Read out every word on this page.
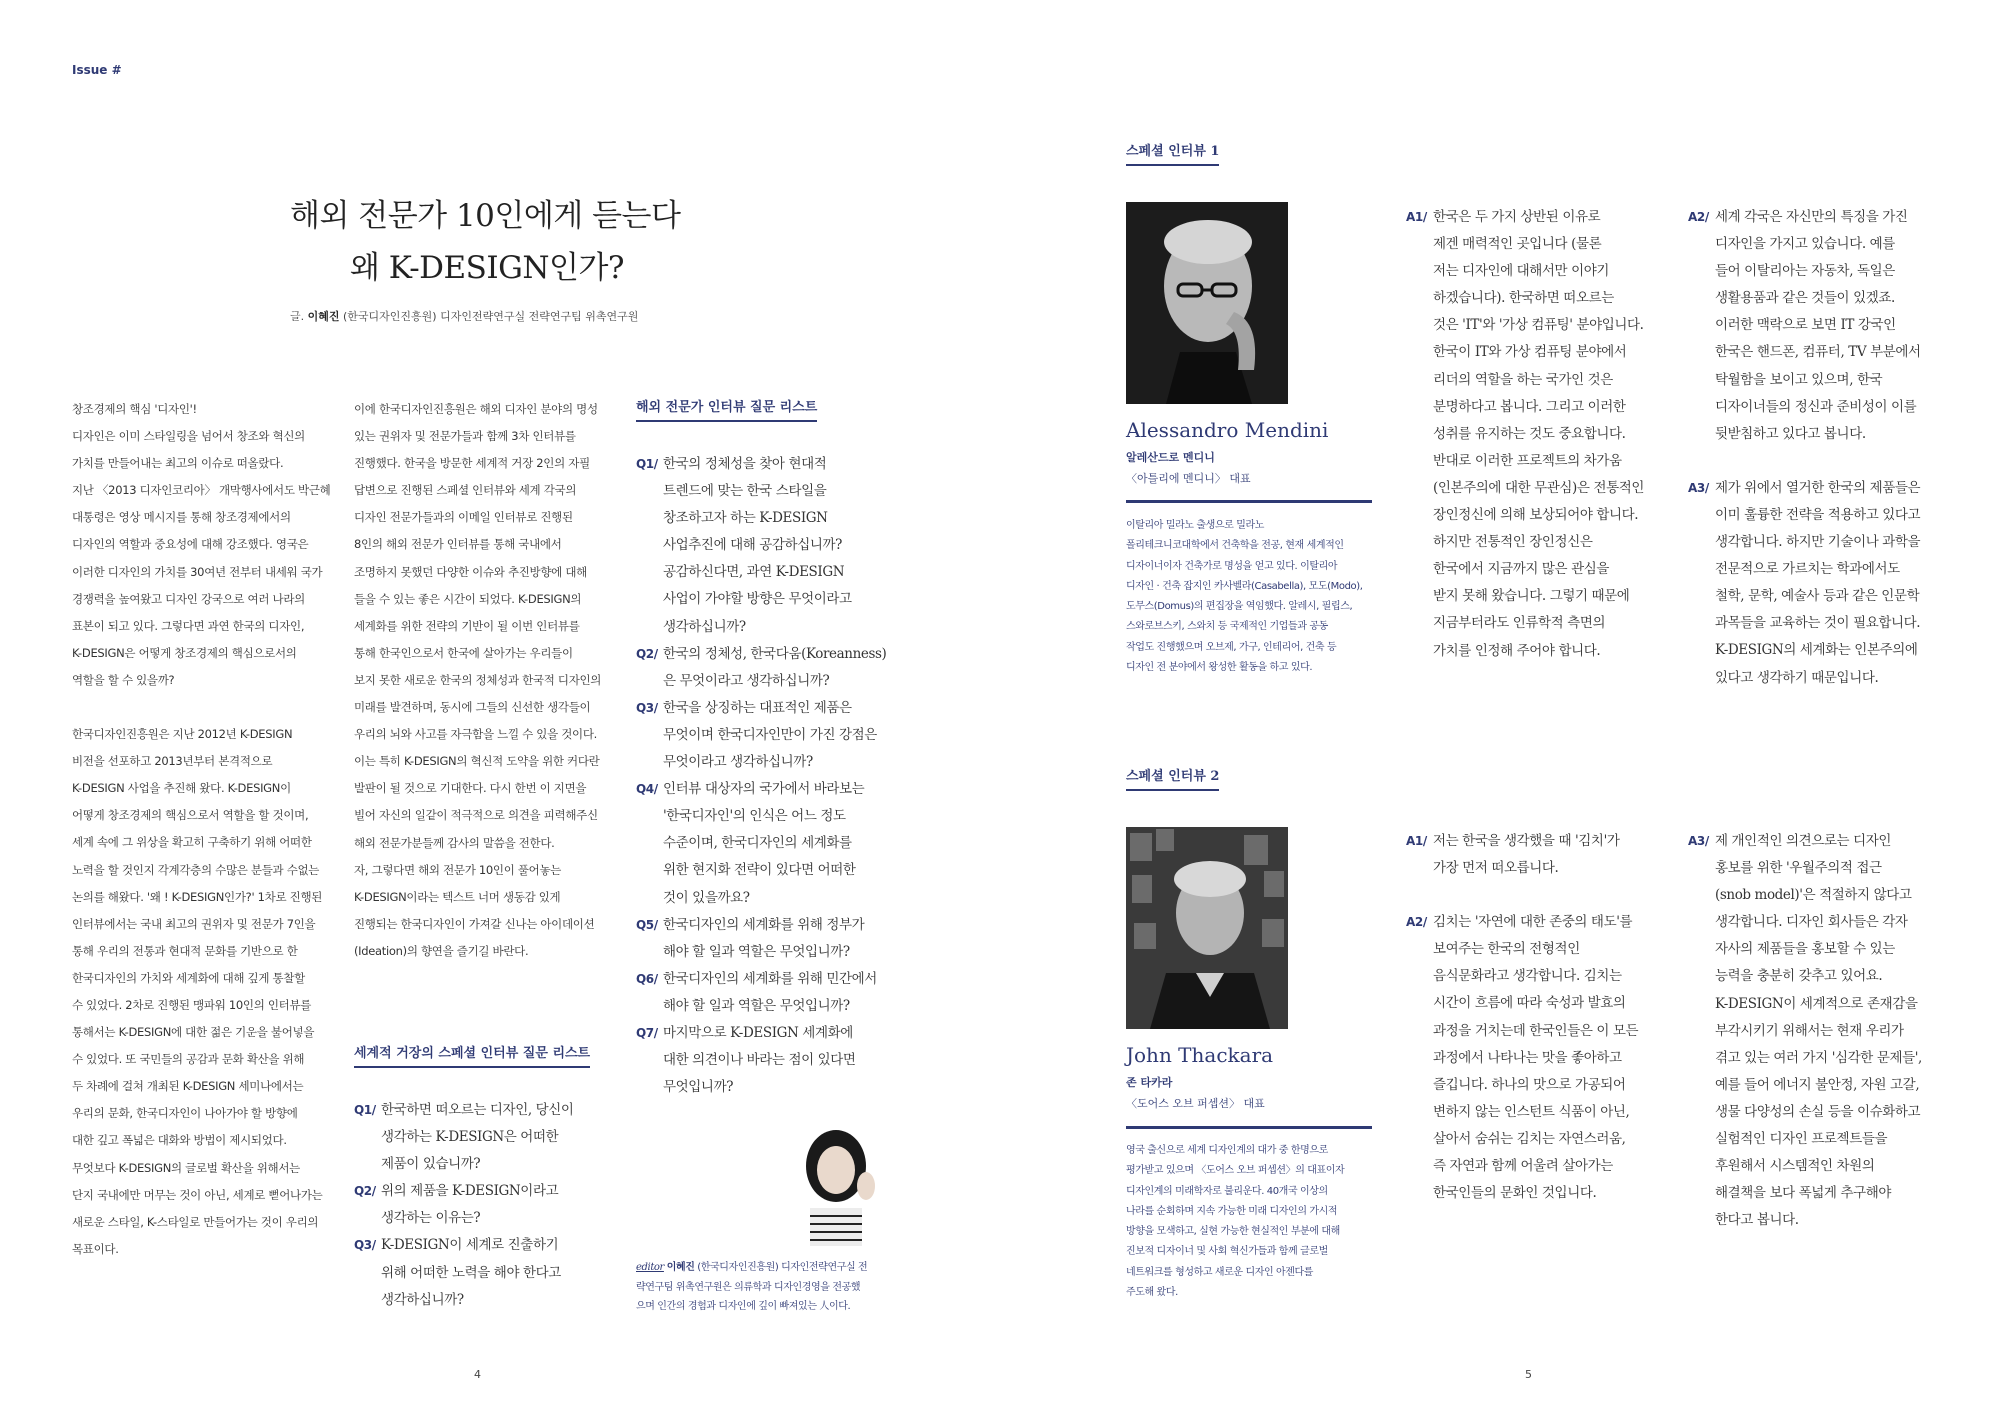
Issue #
해외 전문가 10인에게 듣는다
왜 K-DESIGN인가?
글. 이혜진 (한국디자인진흥원) 디자인전략연구실 전략연구팀 위촉연구원
창조경제의 핵심 '디자인'!
디자인은 이미 스타일링을 넘어서 창조와 혁신의
가치를 만들어내는 최고의 이슈로 떠올랐다.
지난 〈2013 디자인코리아〉 개막행사에서도 박근혜
대통령은 영상 메시지를 통해 창조경제에서의
디자인의 역할과 중요성에 대해 강조했다. 영국은
이러한 디자인의 가치를 30여년 전부터 내세워 국가
경쟁력을 높여왔고 디자인 강국으로 여러 나라의
표본이 되고 있다. 그렇다면 과연 한국의 디자인,
K-DESIGN은 어떻게 창조경제의 핵심으로서의
역할을 할 수 있을까?
한국디자인진흥원은 지난 2012년 K-DESIGN
비전을 선포하고 2013년부터 본격적으로
K-DESIGN 사업을 추진해 왔다. K-DESIGN이
어떻게 창조경제의 핵심으로서 역할을 할 것이며,
세계 속에 그 위상을 확고히 구축하기 위해 어떠한
노력을 할 것인지 각계각층의 수많은 분들과 수없는
논의를 해왔다. '왜 ! K-DESIGN인가?' 1차로 진행된
인터뷰에서는 국내 최고의 권위자 및 전문가 7인을
통해 우리의 전통과 현대적 문화를 기반으로 한
한국디자인의 가치와 세계화에 대해 깊게 통찰할
수 있었다. 2차로 진행된 맹파워 10인의 인터뷰를
통해서는 K-DESIGN에 대한 젊은 기운을 불어넣을
수 있었다. 또 국민들의 공감과 문화 확산을 위해
두 차례에 걸쳐 개최된 K-DESIGN 세미나에서는
우리의 문화, 한국디자인이 나아가야 할 방향에
대한 깊고 폭넓은 대화와 방법이 제시되었다.
무엇보다 K-DESIGN의 글로벌 확산을 위해서는
단지 국내에만 머무는 것이 아닌, 세계로 뻗어나가는
새로운 스타일, K-스타일로 만들어가는 것이 우리의
목표이다.
이에 한국디자인진흥원은 해외 디자인 분야의 명성
있는 권위자 및 전문가들과 함께 3차 인터뷰를
진행했다. 한국을 방문한 세계적 거장 2인의 자필
답변으로 진행된 스페셜 인터뷰와 세계 각국의
디자인 전문가들과의 이메일 인터뷰로 진행된
8인의 해외 전문가 인터뷰를 통해 국내에서
조명하지 못했던 다양한 이슈와 추진방향에 대해
들을 수 있는 좋은 시간이 되었다. K-DESIGN의
세계화를 위한 전략의 기반이 될 이번 인터뷰를
통해 한국인으로서 한국에 살아가는 우리들이
보지 못한 새로운 한국의 정체성과 한국적 디자인의
미래를 발견하며, 동시에 그들의 신선한 생각들이
우리의 뇌와 사고를 자극함을 느낄 수 있을 것이다.
이는 특히 K-DESIGN의 혁신적 도약을 위한 커다란
발판이 될 것으로 기대한다. 다시 한번 이 지면을
빌어 자신의 일같이 적극적으로 의견을 피력해주신
해외 전문가분들께 감사의 말씀을 전한다.
자, 그렇다면 해외 전문가 10인이 풀어놓는
K-DESIGN이라는 텍스트 너머 생동감 있게
진행되는 한국디자인이 가져갈 신나는 아이데이션
(Ideation)의 향연을 즐기길 바란다.
세계적 거장의 스페셜 인터뷰 질문 리스트
Q1/ 한국하면 떠오르는 디자인, 당신이
생각하는 K-DESIGN은 어떠한
제품이 있습니까?
Q2/ 위의 제품을 K-DESIGN이라고
생각하는 이유는?
Q3/ K-DESIGN이 세계로 진출하기
위해 어떠한 노력을 해야 한다고
생각하십니까?
해외 전문가 인터뷰 질문 리스트
Q1/ 한국의 정체성을 찾아 현대적
트렌드에 맞는 한국 스타일을
창조하고자 하는 K-DESIGN
사업추진에 대해 공감하십니까?
공감하신다면, 과연 K-DESIGN
사업이 가야할 방향은 무엇이라고
생각하십니까?
Q2/ 한국의 정체성, 한국다움(Koreanness)
은 무엇이라고 생각하십니까?
Q3/ 한국을 상징하는 대표적인 제품은
무엇이며 한국디자인만이 가진 강점은
무엇이라고 생각하십니까?
Q4/ 인터뷰 대상자의 국가에서 바라보는
'한국디자인'의 인식은 어느 정도
수준이며, 한국디자인의 세계화를
위한 현지화 전략이 있다면 어떠한
것이 있을까요?
Q5/ 한국디자인의 세계화를 위해 정부가
해야 할 일과 역할은 무엇입니까?
Q6/ 한국디자인의 세계화를 위해 민간에서
해야 할 일과 역할은 무엇입니까?
Q7/ 마지막으로 K-DESIGN 세계화에
대한 의견이나 바라는 점이 있다면
무엇입니까?
editor 이혜진 (한국디자인진흥원) 디자인전략연구실 전
략연구팀 위촉연구원은 의류학과 디자인경영을 전공했
으며 인간의 경험과 디자인에 깊이 빠져있는 人이다.
4
스페셜 인터뷰 1
Alessandro Mendini
알레산드로 멘디니
〈아틀리에 멘디니〉 대표
이탈리아 밀라노 출생으로 밀라노
폴리테크니코대학에서 건축학을 전공, 현재 세계적인
디자이너이자 건축가로 명성을 얻고 있다. 이탈리아
디자인 · 건축 잡지인 카사벨라(Casabella), 모도(Modo),
도무스(Domus)의 편집장을 역임했다. 알레시, 필립스,
스와로브스키, 스와치 등 국제적인 기업들과 공동
작업도 진행했으며 오브제, 가구, 인테리어, 건축 등
디자인 전 분야에서 왕성한 활동을 하고 있다.
A1/ 한국은 두 가지 상반된 이유로
제겐 매력적인 곳입니다 (물론
저는 디자인에 대해서만 이야기
하겠습니다). 한국하면 떠오르는
것은 'IT'와 '가상 컴퓨팅' 분야입니다.
한국이 IT와 가상 컴퓨팅 분야에서
리더의 역할을 하는 국가인 것은
분명하다고 봅니다. 그리고 이러한
성취를 유지하는 것도 중요합니다.
반대로 이러한 프로젝트의 차가움
(인본주의에 대한 무관심)은 전통적인
장인정신에 의해 보상되어야 합니다.
하지만 전통적인 장인정신은
한국에서 지금까지 많은 관심을
받지 못해 왔습니다. 그렇기 때문에
지금부터라도 인류학적 측면의
가치를 인정해 주어야 합니다.
A2/ 세계 각국은 자신만의 특징을 가진
디자인을 가지고 있습니다. 예를
들어 이탈리아는 자동차, 독일은
생활용품과 같은 것들이 있겠죠.
이러한 맥락으로 보면 IT 강국인
한국은 핸드폰, 컴퓨터, TV 부분에서
탁월함을 보이고 있으며, 한국
디자이너들의 정신과 준비성이 이를
뒷받침하고 있다고 봅니다.
A3/ 제가 위에서 열거한 한국의 제품들은
이미 훌륭한 전략을 적용하고 있다고
생각합니다. 하지만 기술이나 과학을
전문적으로 가르치는 학과에서도
철학, 문학, 예술사 등과 같은 인문학
과목들을 교육하는 것이 필요합니다.
K-DESIGN의 세계화는 인본주의에
있다고 생각하기 때문입니다.
스페셜 인터뷰 2
John Thackara
존 타카라
〈도어스 오브 퍼셉션〉 대표
영국 출신으로 세계 디자인계의 대가 중 한명으로
평가받고 있으며 〈도어스 오브 퍼셉션〉의 대표이자
디자인계의 미래학자로 불리운다. 40개국 이상의
나라를 순회하며 지속 가능한 미래 디자인의 가시적
방향을 모색하고, 실현 가능한 현실적인 부분에 대해
진보적 디자이너 및 사회 혁신가들과 함께 글로벌
네트워크를 형성하고 새로운 디자인 아젠다를
주도해 왔다.
A1/ 저는 한국을 생각했을 때 '김치'가
가장 먼저 떠오릅니다.
A2/ 김치는 '자연에 대한 존중의 태도'를
보여주는 한국의 전형적인
음식문화라고 생각합니다. 김치는
시간이 흐름에 따라 숙성과 발효의
과정을 거치는데 한국인들은 이 모든
과정에서 나타나는 맛을 좋아하고
즐깁니다. 하나의 맛으로 가공되어
변하지 않는 인스턴트 식품이 아닌,
살아서 숨쉬는 김치는 자연스러움,
즉 자연과 함께 어울려 살아가는
한국인들의 문화인 것입니다.
A3/ 제 개인적인 의견으로는 디자인
홍보를 위한 '우월주의적 접근
(snob model)'은 적절하지 않다고
생각합니다. 디자인 회사들은 각자
자사의 제품들을 홍보할 수 있는
능력을 충분히 갖추고 있어요.
K-DESIGN이 세계적으로 존재감을
부각시키기 위해서는 현재 우리가
겪고 있는 여러 가지 '심각한 문제들',
예를 들어 에너지 불안정, 자원 고갈,
생물 다양성의 손실 등을 이슈화하고
실험적인 디자인 프로젝트들을
후원해서 시스템적인 차원의
해결책을 보다 폭넓게 추구해야
한다고 봅니다.
5
